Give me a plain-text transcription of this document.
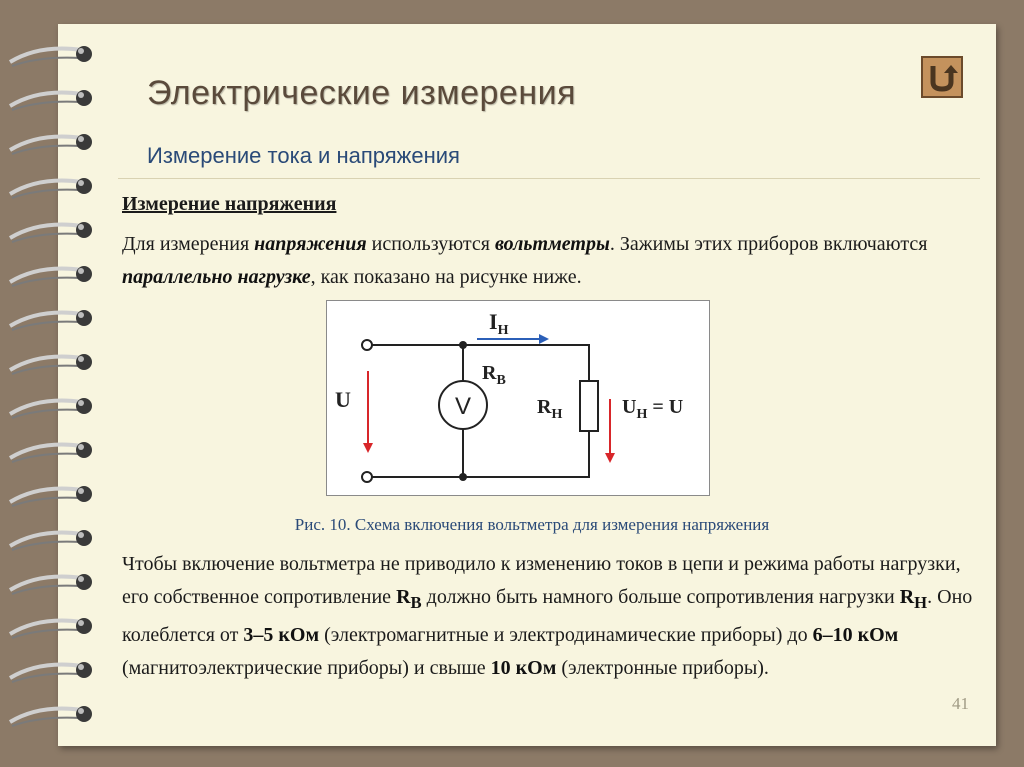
Электрические измерения
Измерение тока и напряжения
Измерение напряжения
Для измерения напряжения используются вольтметры. Зажимы этих приборов включаются параллельно нагрузке, как показано на рисунке ниже.
V
$I_Н$
$R_В$
U	$R_Н$	$U_Н = U$
Рис. 10. Схема включения вольтметра для измерения напряжения
Чтобы включение вольтметра не приводило к изменению токов в цепи и режима работы нагрузки, его собственное сопротивление $R_В$ должно быть намного больше сопротивления нагрузки $R_Н$. Оно колеблется от 3–5 кОм (электромагнитные и электродинамические приборы) до 6–10 кОм (магнитоэлектрические приборы) и свыше 10 кОм (электронные приборы).
41
